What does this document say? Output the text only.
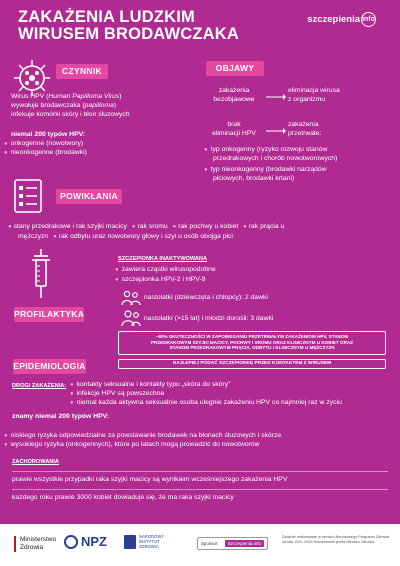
ZAKAŻENIA LUDZKIM
WIRUSEM BRODAWCZAKA
szczepienia info
CZYNNIK
Wirus HPV (Human Papilloma Virus)
wywołuje brodawczaka (papilloma)
infekuje komórki skóry i błon śluzowych
niemal 200 typów HPV:
● onkogenne (nowotwory)
● nieonkogenne (brodawki)
OBJAWY
zakażenia
bezobjawowe
eliminacja wirusa
z organizmu
brak
eliminacji HPV
zakażenia
przetrwałe:
● typ onkogenny (ryzyko rozwoju stanów
przedrakowych i chorób nowotworowych)
● typ nieonkogenny (brodawki narządów
płciowych, brodawki krtani)
POWIKŁANIA
● stany przedrakowe i rak szyjki macicy ● rak sromu ● rak pochwy u kobiet ● rak prącia u
mężczyzn ● rak odbytu oraz nowotwory głowy i szyi u osób obojga płci
PROFILAKTYKA
SZCZEPIONKA INAKTYWOWANA
● zawiera cząstki wirusopodobne
● szczepionka HPV-2 i HPV-9
nastolatki (dziewczęta i chłopcy): 2 dawki
nastolatki (>15 lat) i młodzi dorośli: 3 dawki
~90% SKUTECZNOŚCI W ZAPOBIEGANIU PRZETRWAŁYM ZAKAŻENIOM HPV, STANOM
PRZEDRAKOWYM SZYJKI MACICY, POCHWY I SROMU ORAZ KLINICZNYM U KOBIET ORAZ
STANOM PRZEDRAKOWYM PRĄCIA, ODBYTU I KLINICZNYM U MĘŻCZYZN
NAJLEPIEJ PODAĆ SZCZEPIONKĘ PRZED KONTAKTEM Z WIRUSEM
EPIDEMIOLOGIA
DROGI ZAKAŻENIA:
●	kontakty seksualne i kontakty typu „skóra do skóry”
● infekcje HPV są powszechne
● niemal każda aktywna seksualnie osoba ulegnie zakażeniu HPV co najmniej raz w życiu
znamy niemal 200 typów HPV:
● niskiego ryzyka odpowiedzialne za powstawanie brodawek na błonach śluzowych i skórze
● wysokiego ryzyka (onkogennych), które po latach mogą prowadzić do nowotworów
ZACHOROWANIA
prawie wszystkie przypadki raka szyjki macicy są wynikiem wcześniejszego zakażenia HPV
każdego roku prawie 3000 kobiet dowiaduje się, że ma raka szyjki macicy
Ministerstwo
Zdrowia	NPZ	NARODOWY
INSTYTUT
ZDROWIA
Sponsor:	Szczepienia.info
Zadanie realizowane w ramach Narodowego Programu Zdrowia na lata 2021-2025 finansowane przez Ministra Zdrowia
